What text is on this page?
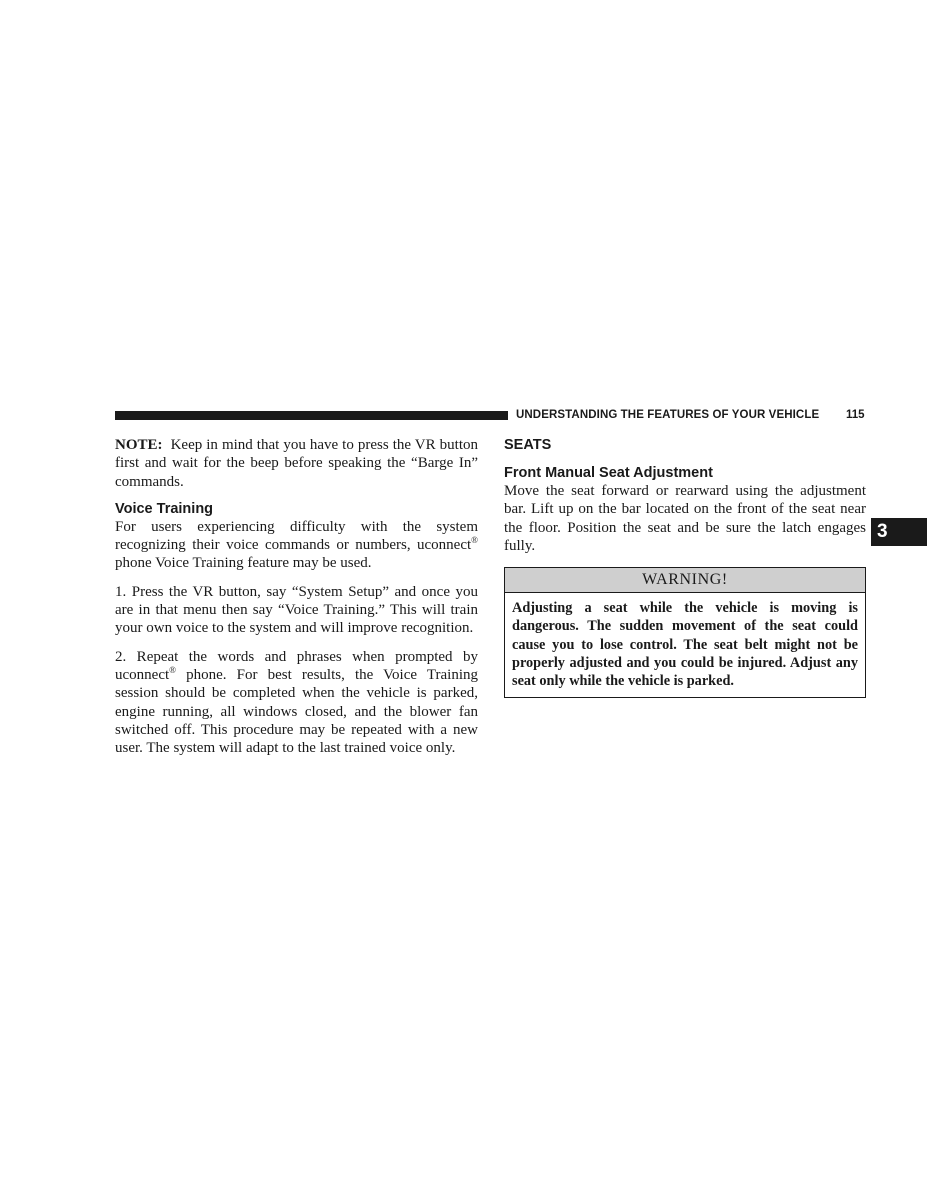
UNDERSTANDING THE FEATURES OF YOUR VEHICLE 115
3

NOTE: Keep in mind that you have to press the VR button first and wait for the beep before speaking the “Barge In” commands.

Voice Training

For users experiencing difficulty with the system recognizing their voice commands or numbers, uconnect® phone Voice Training feature may be used.

1. Press the VR button, say “System Setup” and once you are in that menu then say “Voice Training.” This will train your own voice to the system and will improve recognition.

2. Repeat the words and phrases when prompted by uconnect® phone. For best results, the Voice Training session should be completed when the vehicle is parked, engine running, all windows closed, and the blower fan switched off. This procedure may be repeated with a new user. The system will adapt to the last trained voice only.

SEATS
Front Manual Seat Adjustment

Move the seat forward or rearward using the adjustment bar. Lift up on the bar located on the front of the seat near the floor. Position the seat and be sure the latch engages fully.

WARNING!
Adjusting a seat while the vehicle is moving is dangerous. The sudden movement of the seat could cause you to lose control. The seat belt might not be properly adjusted and you could be injured. Adjust any seat only while the vehicle is parked.
